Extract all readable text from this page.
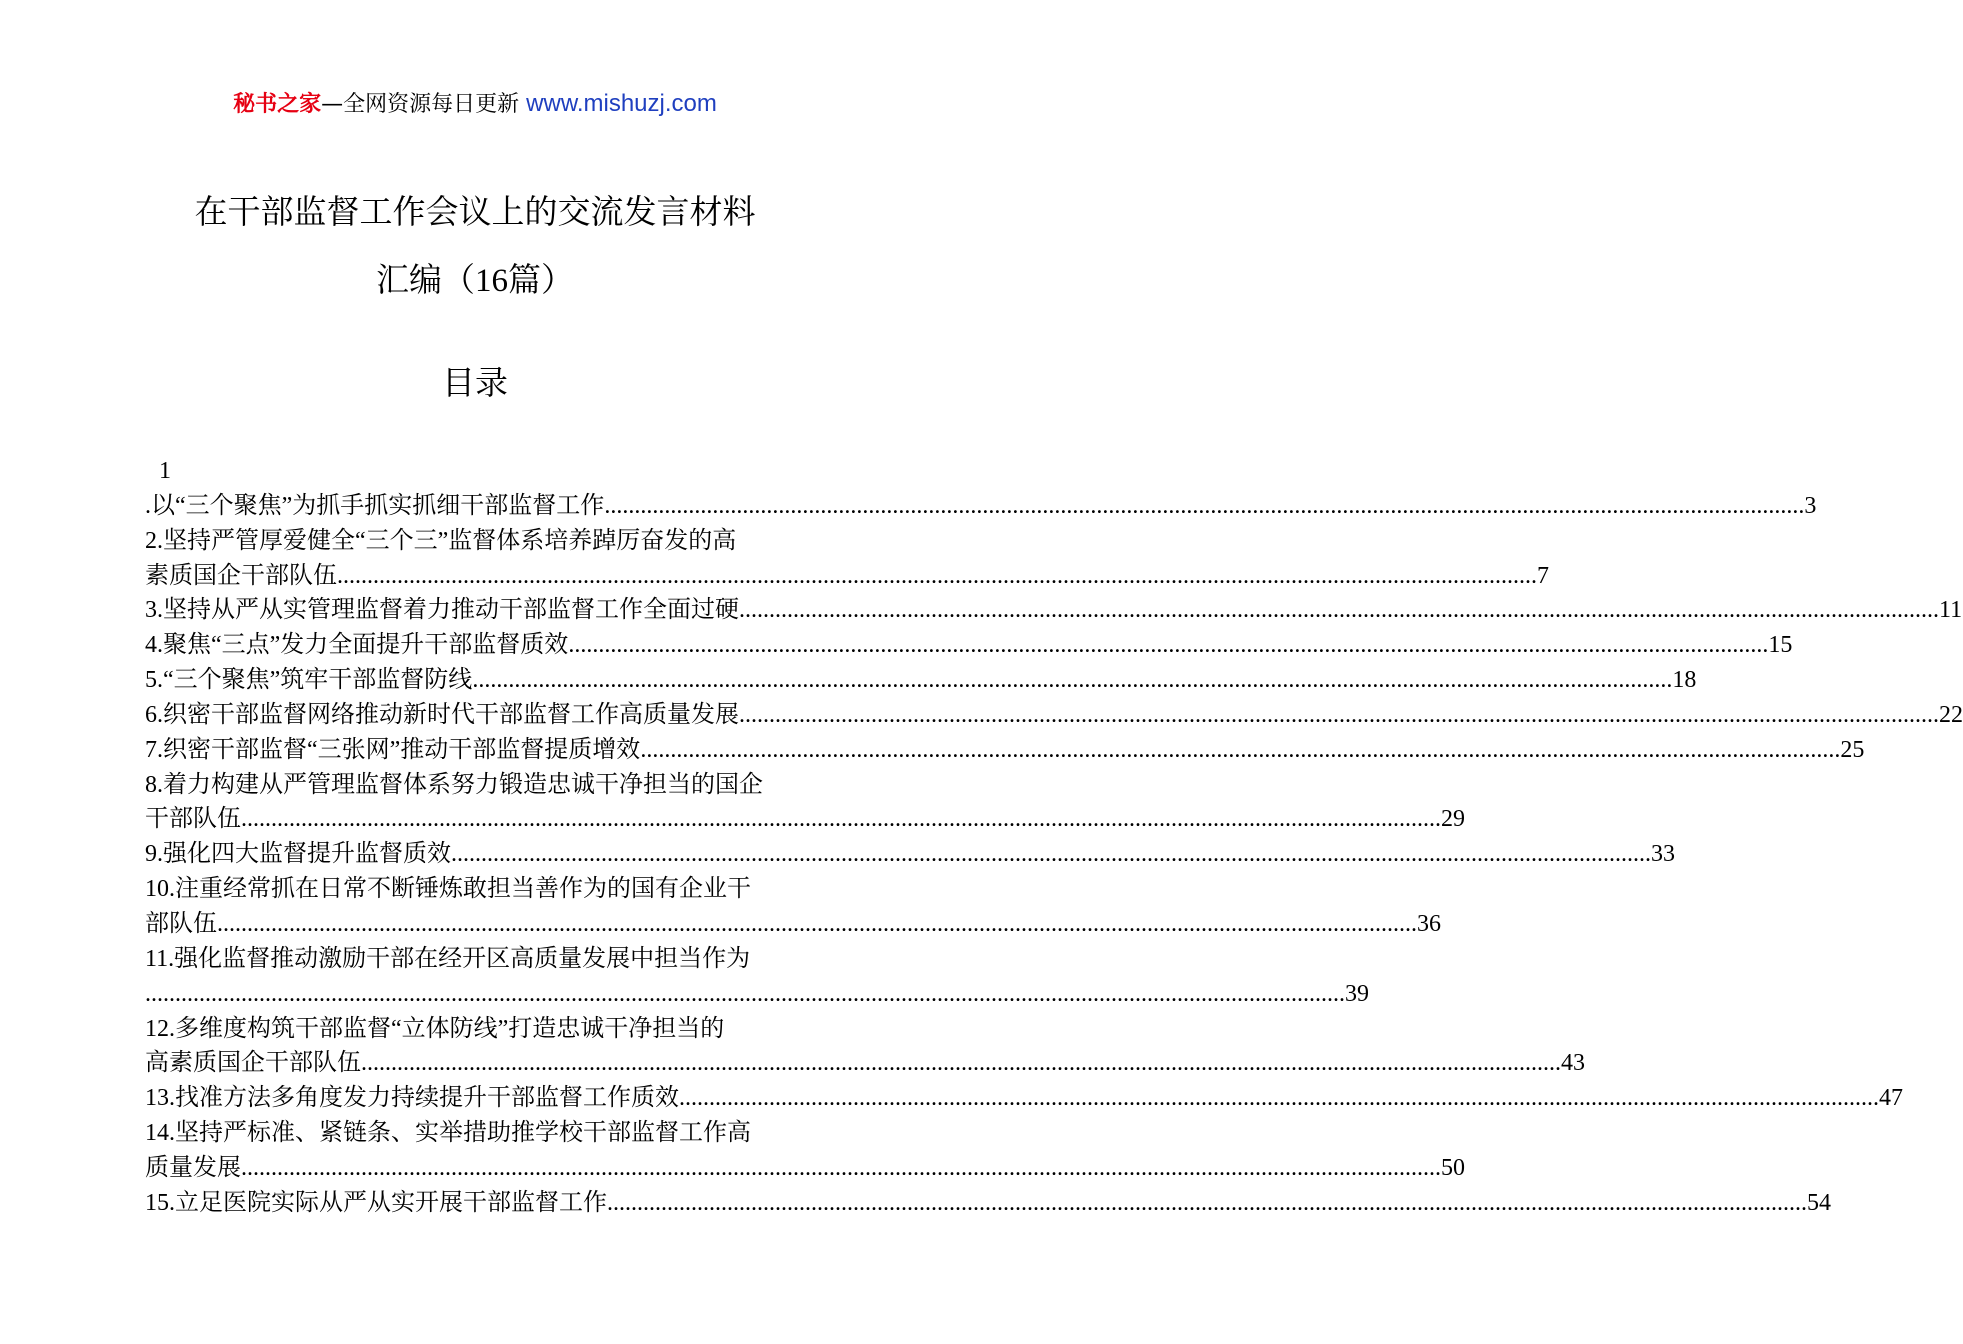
秘书之家—全网资源每日更新 www.mishuzj.com
在干部监督工作会议上的交流发言材料
汇编（16篇）
目录
1
.以“三个聚焦”为抓手抓实抓细干部监督工作 ........................................................................................................................................................................................................ 3
2.坚持严管厚爱健全“三个三”监督体系培养踔厉奋发的高
素质国企干部队伍 ........................................................................................................................................................................................................ 7
3.坚持从严从实管理监督着力推动干部监督工作全面过硬 ........................................................................................................................................................................................................ 11
4.聚焦“三点”发力全面提升干部监督质效 ........................................................................................................................................................................................................ 15
5.“三个聚焦”筑牢干部监督防线 ........................................................................................................................................................................................................ 18
6.织密干部监督网络推动新时代干部监督工作高质量发展 ........................................................................................................................................................................................................ 22
7.织密干部监督“三张网”推动干部监督提质增效 ........................................................................................................................................................................................................ 25
8.着力构建从严管理监督体系努力锻造忠诚干净担当的国企
干部队伍 ........................................................................................................................................................................................................ 29
9.强化四大监督提升监督质效 ........................................................................................................................................................................................................ 33
10.注重经常抓在日常不断锤炼敢担当善作为的国有企业干
部队伍 ........................................................................................................................................................................................................ 36
11.强化监督推动激励干部在经开区高质量发展中担当作为
........................................................................................................................................................................................................ 39
12.多维度构筑干部监督“立体防线”打造忠诚干净担当的
高素质国企干部队伍 ........................................................................................................................................................................................................ 43
13.找准方法多角度发力持续提升干部监督工作质效 ........................................................................................................................................................................................................ 47
14.坚持严标准、紧链条、实举措助推学校干部监督工作高
质量发展 ........................................................................................................................................................................................................ 50
15.立足医院实际从严从实开展干部监督工作 ........................................................................................................................................................................................................ 54
